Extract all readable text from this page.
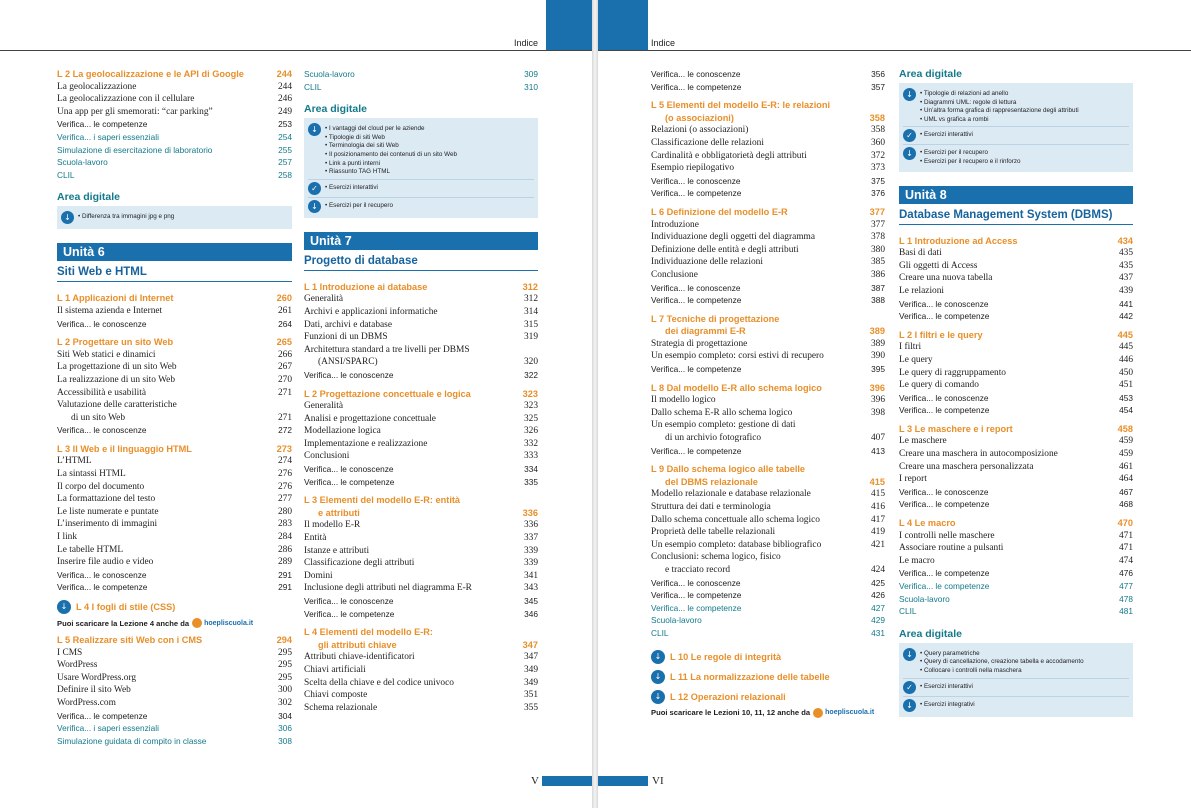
Indice
L 2 La geolocalizzazione e le API di Google	244
La geolocalizzazione	244
La geolocalizzazione con il cellulare	246
Una app per gli smemorati: “car parking”	249
Verifica... le competenze	253
Verifica... i saperi essenziali	254
Simulazione di esercitazione di laboratorio	255
Scuola-lavoro	257
CLIL	258
Area digitale
↓	• Differenza tra immagini jpg e png
Unità 6
Siti Web e HTML
L 1 Applicazioni di Internet	260
Il sistema azienda e Internet	261
Verifica... le conoscenze	264
L 2 Progettare un sito Web	265
Siti Web statici e dinamici	266
La progettazione di un sito Web	267
La realizzazione di un sito Web	270
Accessibilità e usabilità	271
Valutazione delle caratteristiche
di un sito Web	271
Verifica... le conoscenze	272
L 3 Il Web e il linguaggio HTML	273
L’HTML	274
La sintassi HTML	276
Il corpo del documento	276
La formattazione del testo	277
Le liste numerate e puntate	280
L’inserimento di immagini	283
I link	284
Le tabelle HTML	286
Inserire file audio e video	289
Verifica... le conoscenze	291
Verifica... le competenze	291
↓ L 4 I fogli di stile (CSS)
Puoi scaricare la Lezione 4 anche da hoepliscuola.it
L 5 Realizzare siti Web con i CMS	294
I CMS	295
WordPress	295
Usare WordPress.org	295
Definire il sito Web	300
WordPress.com	302
Verifica... le competenze	304
Verifica... i saperi essenziali	306
Simulazione guidata di compito in classe	308
Scuola-lavoro	309
CLIL	310
Area digitale
↓	• I vantaggi del cloud per le aziende
• Tipologie di siti Web
• Terminologia dei siti Web
• Il posizionamento dei contenuti di un sito Web
• Link a punti interni
• Riassunto TAG HTML
✓	• Esercizi interattivi
↓	• Esercizi per il recupero
Unità 7
Progetto di database
L 1 Introduzione ai database	312
Generalità	312
Archivi e applicazioni informatiche	314
Dati, archivi e database	315
Funzioni di un DBMS	319
Architettura standard a tre livelli per DBMS
(ANSI/SPARC)	320
Verifica... le conoscenze	322
L 2 Progettazione concettuale e logica	323
Generalità	323
Analisi e progettazione concettuale	325
Modellazione logica	326
Implementazione e realizzazione	332
Conclusioni	333
Verifica... le conoscenze	334
Verifica... le competenze	335
L 3 Elementi del modello E-R: entità
e attributi	336
Il modello E-R	336
Entità	337
Istanze e attributi	339
Classificazione degli attributi	339
Domini	341
Inclusione degli attributi nel diagramma E-R	343
Verifica... le conoscenze	345
Verifica... le competenze	346
L 4 Elementi del modello E-R:
gli attributi chiave	347
Attributi chiave-identificatori	347
Chiavi artificiali	349
Scelta della chiave e del codice univoco	349
Chiavi composte	351
Schema relazionale	355
V
Indice
Verifica... le conoscenze	356
Verifica... le competenze	357
L 5 Elementi del modello E-R: le relazioni
(o associazioni)	358
Relazioni (o associazioni)	358
Classificazione delle relazioni	360
Cardinalità e obbligatorietà degli attributi	372
Esempio riepilogativo	373
Verifica... le conoscenze	375
Verifica... le competenze	376
L 6 Definizione del modello E-R	377
Introduzione	377
Individuazione degli oggetti del diagramma	378
Definizione delle entità e degli attributi	380
Individuazione delle relazioni	385
Conclusione	386
Verifica... le conoscenze	387
Verifica... le competenze	388
L 7 Tecniche di progettazione
dei diagrammi E-R	389
Strategia di progettazione	389
Un esempio completo: corsi estivi di recupero	390
Verifica... le competenze	395
L 8 Dal modello E-R allo schema logico	396
Il modello logico	396
Dallo schema E-R allo schema logico	398
Un esempio completo: gestione di dati
di un archivio fotografico	407
Verifica... le competenze	413
L 9 Dallo schema logico alle tabelle
del DBMS relazionale	415
Modello relazionale e database relazionale	415
Struttura dei dati e terminologia	416
Dallo schema concettuale allo schema logico	417
Proprietà delle tabelle relazionali	419
Un esempio completo: database bibliografico	421
Conclusioni: schema logico, fisico
e tracciato record	424
Verifica... le conoscenze	425
Verifica... le competenze	426
Verifica... le competenze	427
Scuola-lavoro	429
CLIL	431
↓ L 10 Le regole di integrità
↓ L 11 La normalizzazione delle tabelle
↓ L 12 Operazioni relazionali
Puoi scaricare le Lezioni 10, 11, 12 anche da hoepliscuola.it
Area digitale
↓	• Tipologie di relazioni ad anello
• Diagrammi UML: regole di lettura
• Un’altra forma grafica di rappresentazione degli attributi
• UML vs grafica a rombi
✓	• Esercizi interattivi
↓	• Esercizi per il recupero
• Esercizi per il recupero e il rinforzo
Unità 8
Database Management System (DBMS)
L 1 Introduzione ad Access	434
Basi di dati	435
Gli oggetti di Access	435
Creare una nuova tabella	437
Le relazioni	439
Verifica... le conoscenze	441
Verifica... le competenze	442
L 2 I filtri e le query	445
I filtri	445
Le query	446
Le query di raggruppamento	450
Le query di comando	451
Verifica... le conoscenze	453
Verifica... le competenze	454
L 3 Le maschere e i report	458
Le maschere	459
Creare una maschera in autocomposizione	459
Creare una maschera personalizzata	461
I report	464
Verifica... le conoscenze	467
Verifica... le competenze	468
L 4 Le macro	470
I controlli nelle maschere	471
Associare routine a pulsanti	471
Le macro	474
Verifica... le competenze	476
Verifica... le competenze	477
Scuola-lavoro	478
CLIL	481
Area digitale
↓	• Query parametriche
• Query di cancellazione, creazione tabella e accodamento
• Collocare i controlli nella maschera
✓	• Esercizi interattivi
↓	• Esercizi integrativi
VI
